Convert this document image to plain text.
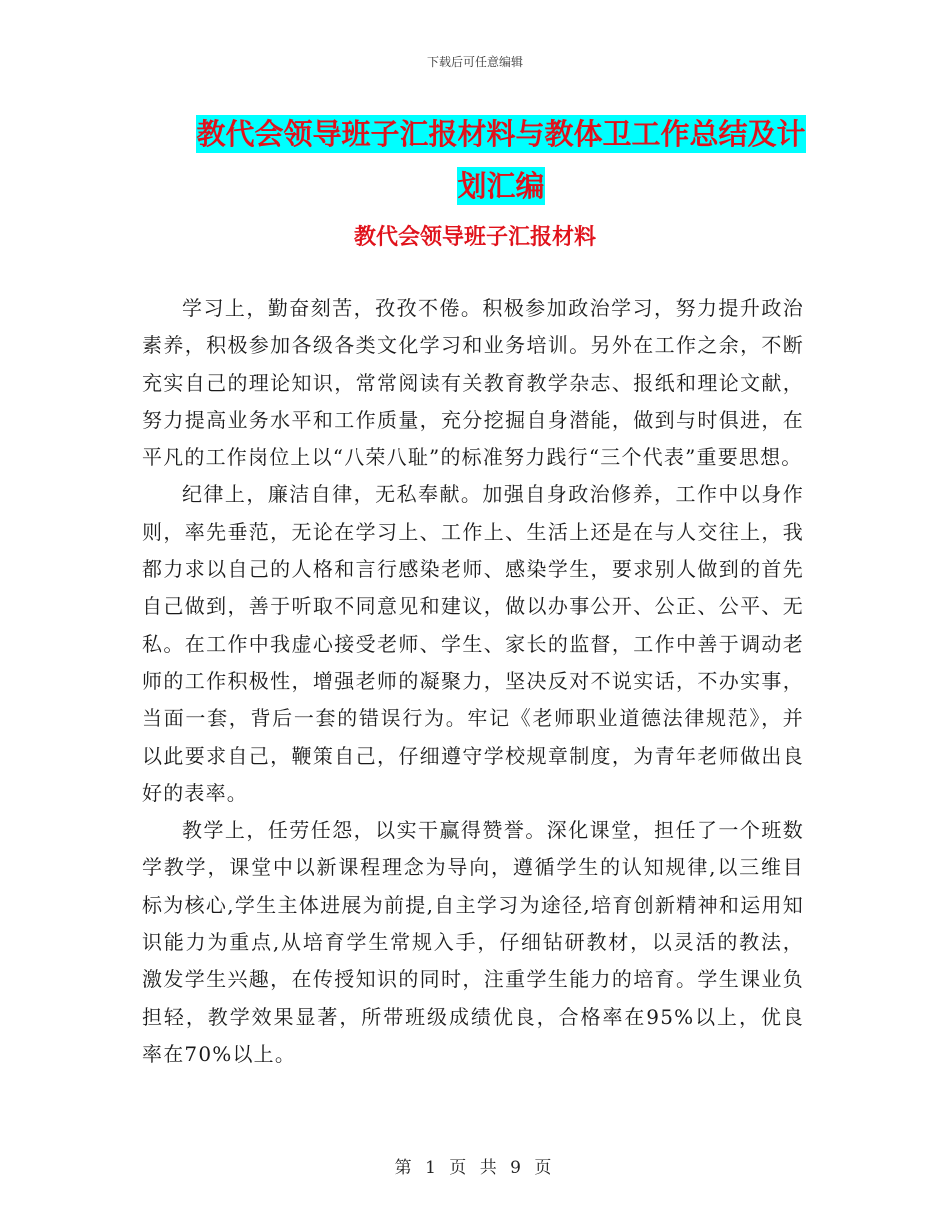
下载后可任意编辑
教代会领导班子汇报材料与教体卫工作总结及计划汇编
教代会领导班子汇报材料

学习上，勤奋刻苦，孜孜不倦。积极参加政治学习，努力提升政治素养，积极参加各级各类文化学习和业务培训。另外在工作之余，不断充实自己的理论知识，常常阅读有关教育教学杂志、报纸和理论文献，努力提高业务水平和工作质量，充分挖掘自身潜能，做到与时俱进，在平凡的工作岗位上以“八荣八耻”的标准努力践行“三个代表”重要思想。

纪律上，廉洁自律，无私奉献。加强自身政治修养，工作中以身作则，率先垂范，无论在学习上、工作上、生活上还是在与人交往上，我都力求以自己的人格和言行感染老师、感染学生，要求别人做到的首先自己做到，善于听取不同意见和建议，做以办事公开、公正、公平、无私。在工作中我虚心接受老师、学生、家长的监督，工作中善于调动老师的工作积极性，增强老师的凝聚力，坚决反对不说实话，不办实事，当面一套，背后一套的错误行为。牢记《老师职业道德法律规范》，并以此要求自己，鞭策自己，仔细遵守学校规章制度，为青年老师做出良好的表率。

教学上，任劳任怨，以实干赢得赞誉。深化课堂，担任了一个班数学教学，课堂中以新课程理念为导向，遵循学生的认知规律,以三维目标为核心,学生主体进展为前提,自主学习为途径,培育创新精神和运用知识能力为重点,从培育学生常规入手，仔细钻研教材，以灵活的教法，激发学生兴趣，在传授知识的同时，注重学生能力的培育。学生课业负担轻，教学效果显著，所带班级成绩优良，合格率在95%以上，优良率在70%以上。

第 1 页 共 9 页
